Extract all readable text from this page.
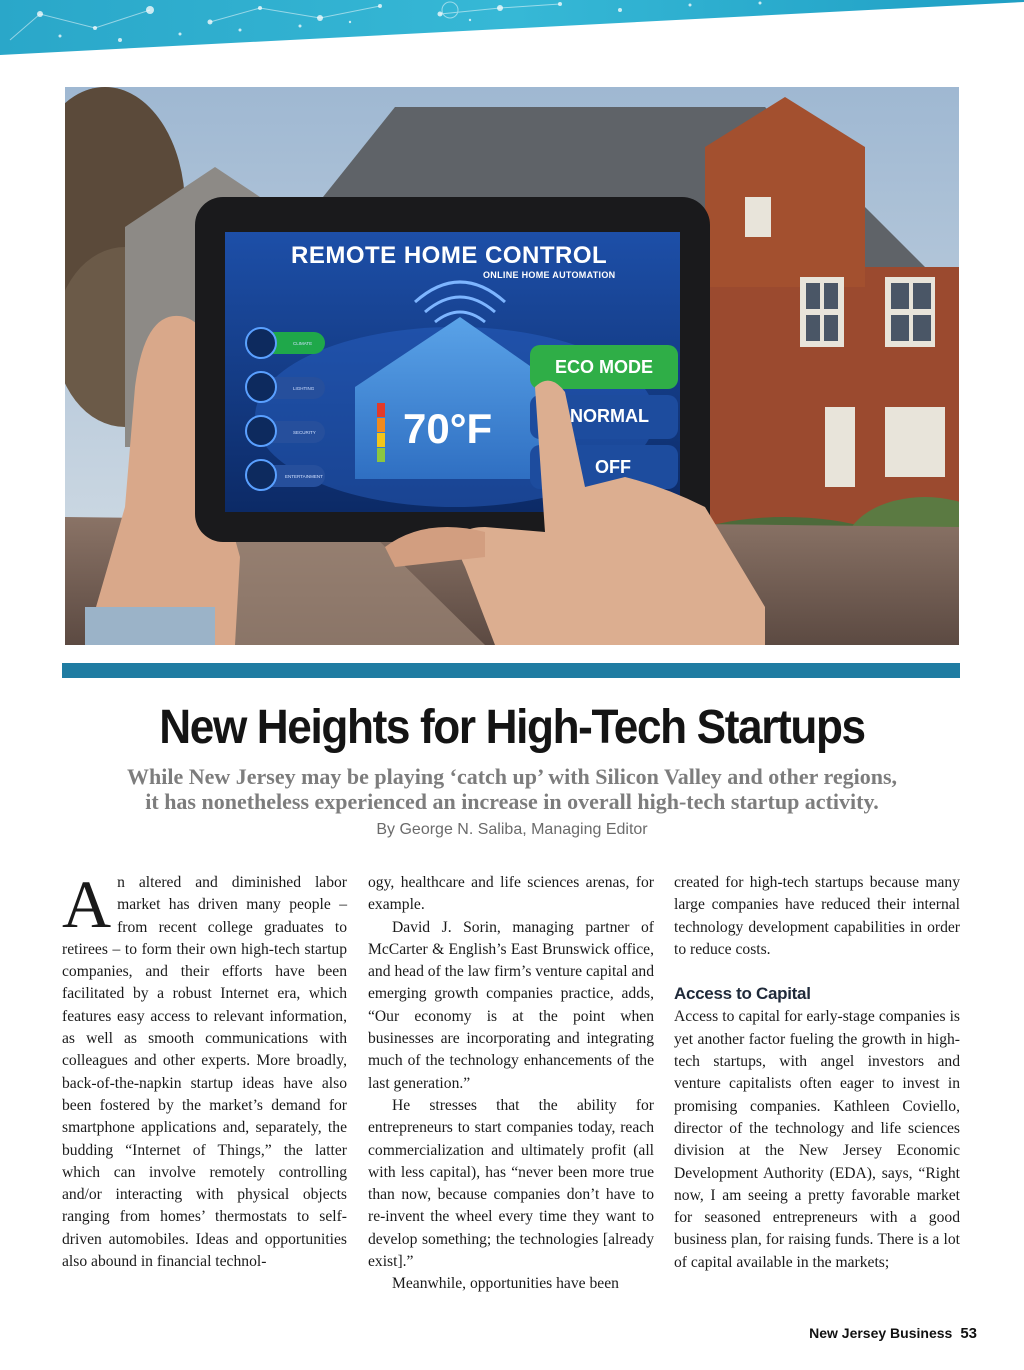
REMOTE HOME CONTROL
ONLINE HOME AUTOMATION
70°F
ECO MODE
NORMAL
OFF
CLIMATE
LIGHTING
SECURITY
ENTERTAINMENT
New Heights for High-Tech Startups
While New Jersey may be playing ‘catch up’ with Silicon Valley and other regions,
it has nonetheless experienced an increase in overall high-tech startup activity.
By George N. Saliba, Managing Editor

An altered and diminished labor market has driven many people – from recent college graduates to retirees – to form their own high-tech startup companies, and their efforts have been facilitated by a robust Internet era, which features easy access to relevant information, as well as smooth communications with colleagues and other experts. More broadly, back-of-the-napkin startup ideas have also been fostered by the market’s demand for smartphone applications and, separately, the budding “Internet of Things,” the latter which can involve remotely controlling and/or interacting with physical objects ranging from homes’ thermostats to self-driven automobiles. Ideas and opportunities also abound in financial technol-

ogy, healthcare and life sciences arenas, for example.

David J. Sorin, managing partner of McCarter & English’s East Brunswick office, and head of the law firm’s venture capital and emerging growth companies practice, adds, “Our economy is at the point when businesses are incorporating and integrating much of the technology enhancements of the last generation.”

He stresses that the ability for entrepreneurs to start companies today, reach commercialization and ultimately profit (all with less capital), has “never been more true than now, because companies don’t have to re-invent the wheel every time they want to develop something; the technologies [already exist].”

Meanwhile, opportunities have been

created for high-tech startups because many large companies have reduced their internal technology development capabilities in order to reduce costs.

Access to Capital

Access to capital for early-stage companies is yet another factor fueling the growth in high-tech startups, with angel investors and venture capitalists often eager to invest in promising companies. Kathleen Coviello, director of the technology and life sciences division at the New Jersey Economic Development Authority (EDA), says, “Right now, I am seeing a pretty favorable market for seasoned entrepreneurs with a good business plan, for raising funds. There is a lot of capital available in the markets;

New Jersey Business 53
